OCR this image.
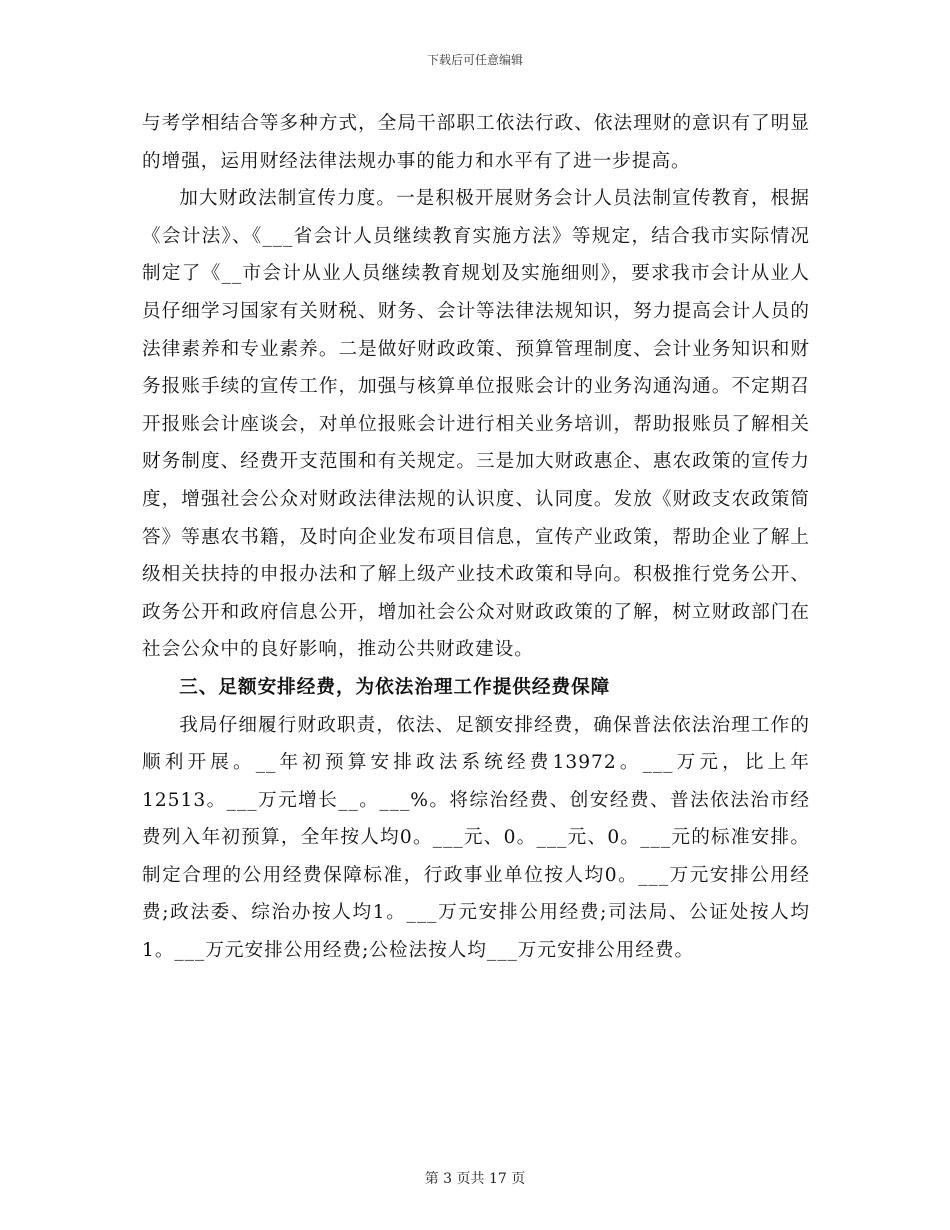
下载后可任意编辑

与考学相结合等多种方式，全局干部职工依法行政、依法理财的意识有了明显的增强，运用财经法律法规办事的能力和水平有了进一步提高。

加大财政法制宣传力度。一是积极开展财务会计人员法制宣传教育，根据《会计法》、《___省会计人员继续教育实施方法》等规定，结合我市实际情况制定了《__市会计从业人员继续教育规划及实施细则》，要求我市会计从业人员仔细学习国家有关财税、财务、会计等法律法规知识，努力提高会计人员的法律素养和专业素养。二是做好财政政策、预算管理制度、会计业务知识和财务报账手续的宣传工作，加强与核算单位报账会计的业务沟通沟通。不定期召开报账会计座谈会，对单位报账会计进行相关业务培训，帮助报账员了解相关财务制度、经费开支范围和有关规定。三是加大财政惠企、惠农政策的宣传力度，增强社会公众对财政法律法规的认识度、认同度。发放《财政支农政策简答》等惠农书籍，及时向企业发布项目信息，宣传产业政策，帮助企业了解上级相关扶持的申报办法和了解上级产业技术政策和导向。积极推行党务公开、政务公开和政府信息公开，增加社会公众对财政政策的了解，树立财政部门在社会公众中的良好影响，推动公共财政建设。

三、足额安排经费，为依法治理工作提供经费保障

我局仔细履行财政职责，依法、足额安排经费，确保普法依法治理工作的顺利开展。__年初预算安排政法系统经费13972。___万元，比上年12513。___万元增长__。___%。将综治经费、创安经费、普法依法治市经费列入年初预算，全年按人均0。___元、0。___元、0。___元的标准安排。制定合理的公用经费保障标准，行政事业单位按人均0。___万元安排公用经费;政法委、综治办按人均1。___万元安排公用经费;司法局、公证处按人均1。___万元安排公用经费;公检法按人均___万元安排公用经费。

第 3 页共 17 页
